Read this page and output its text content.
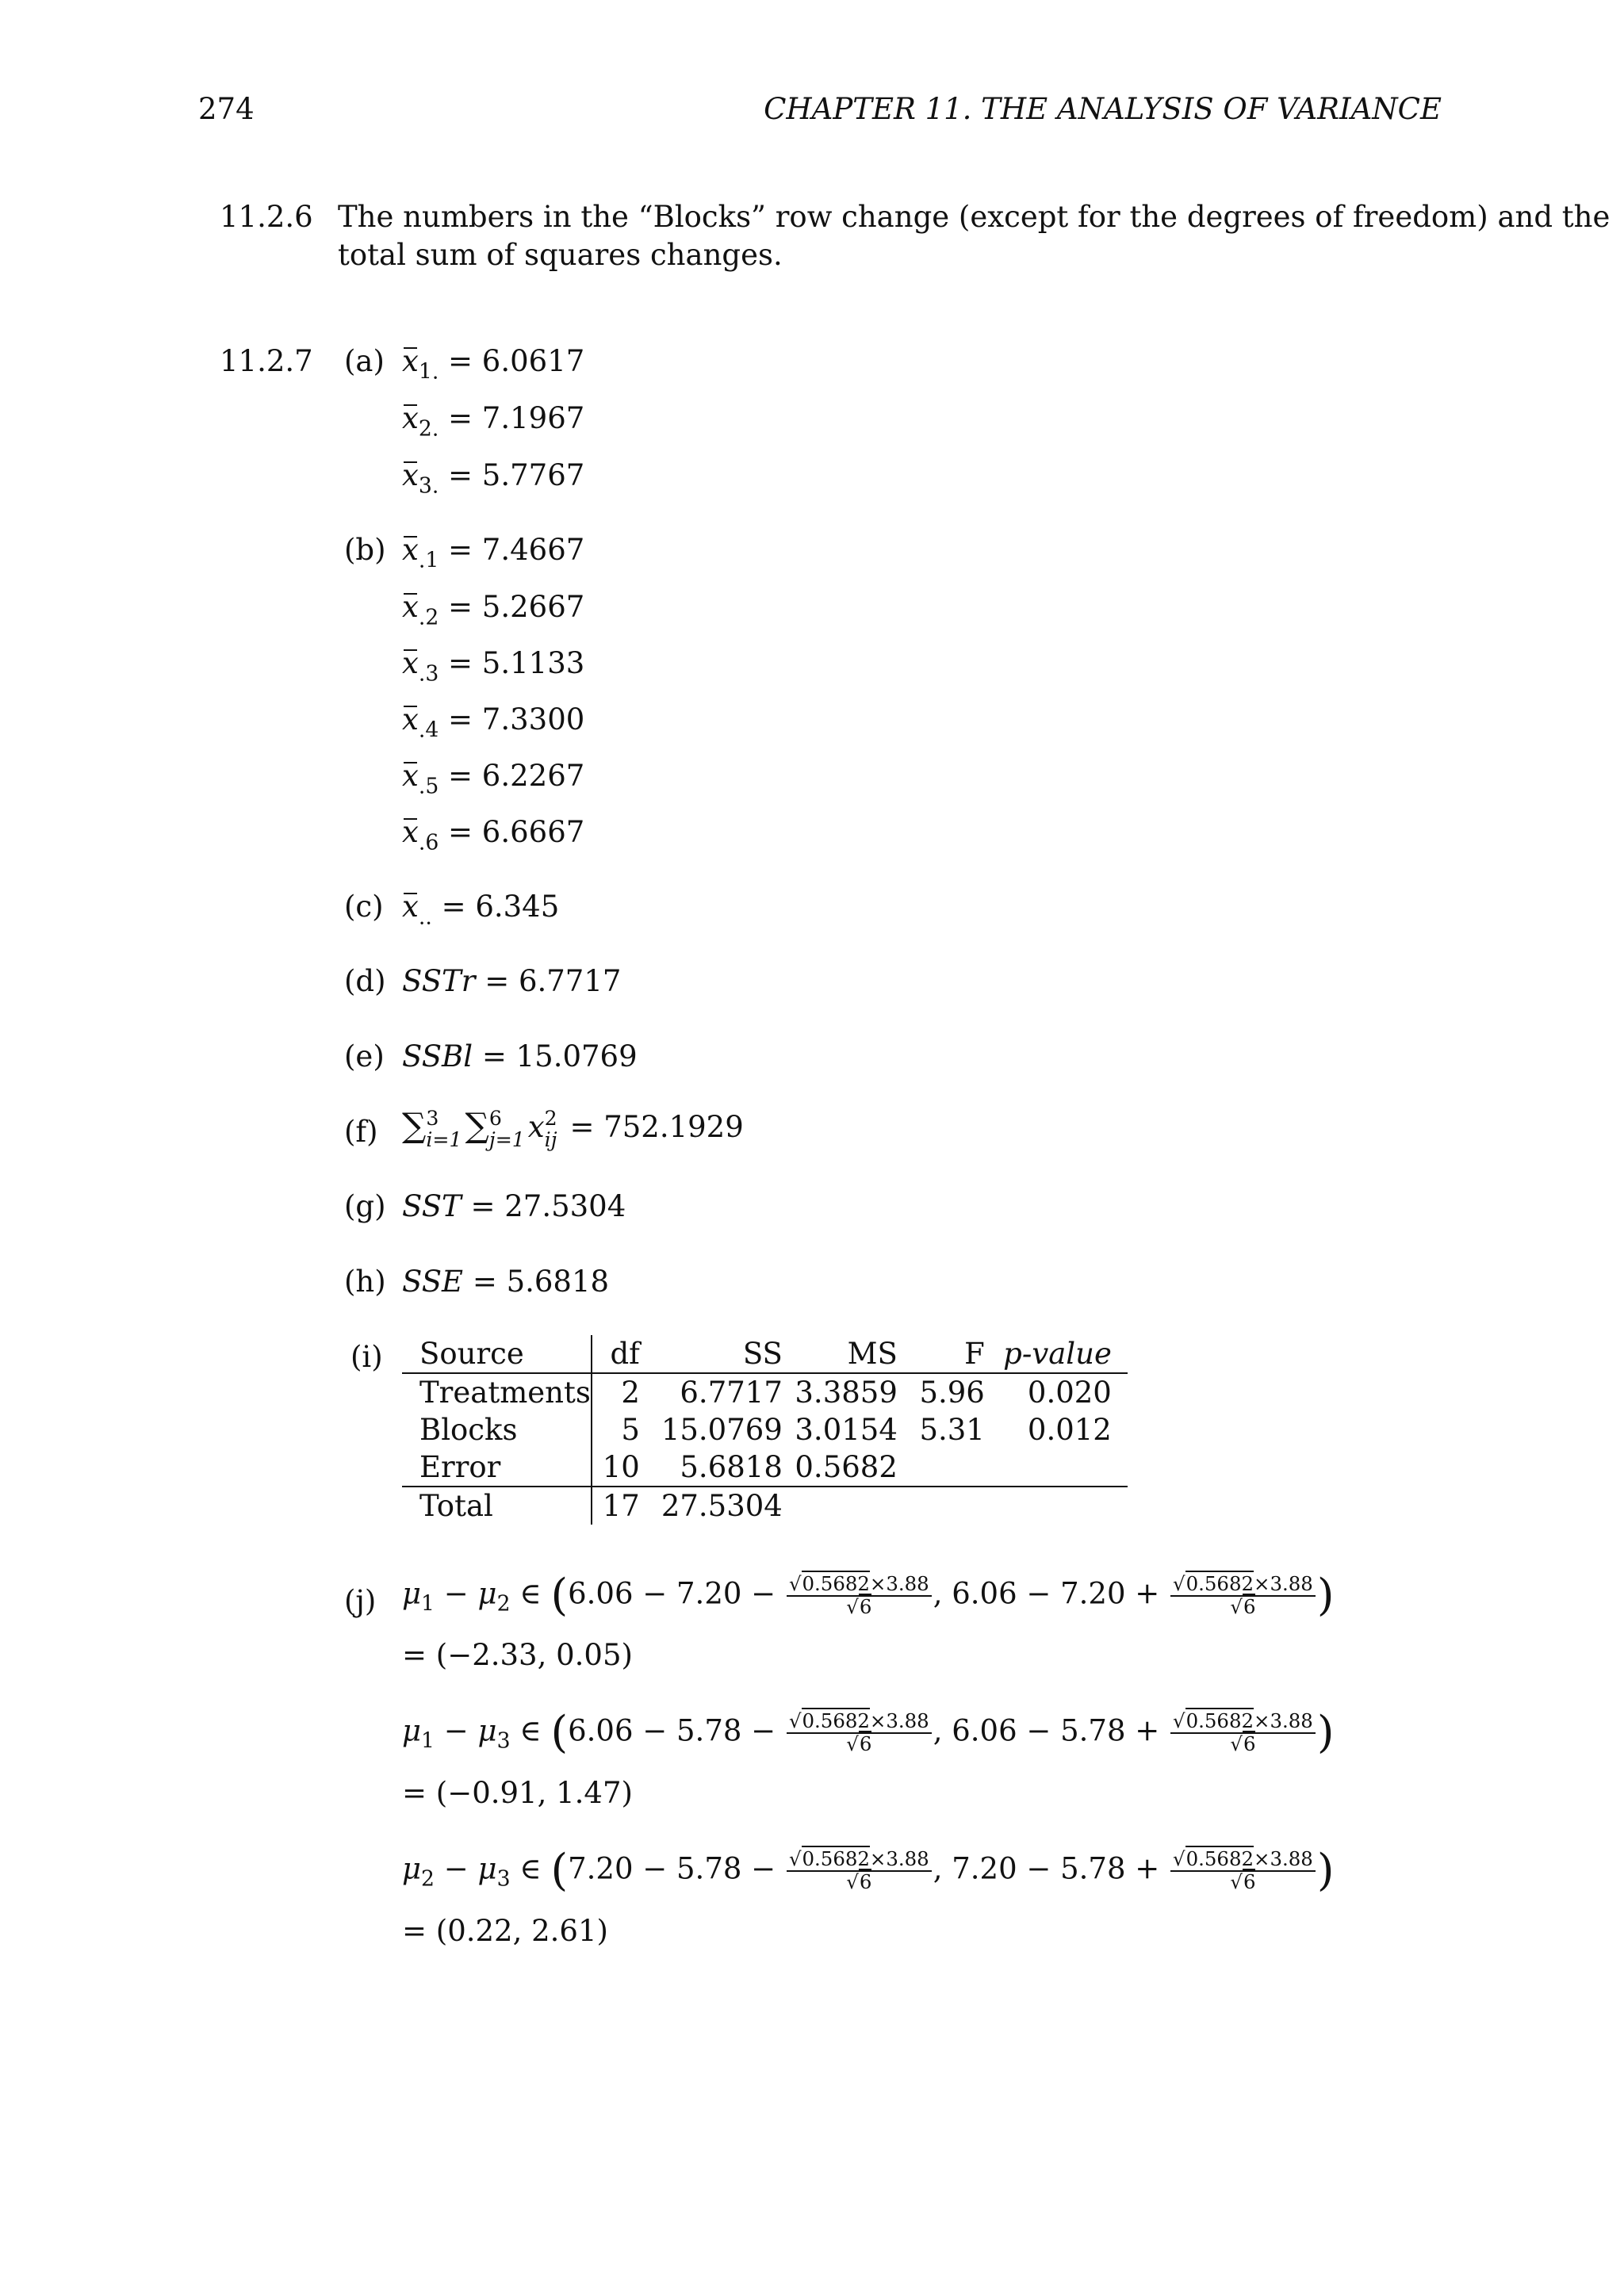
274	CHAPTER 11. THE ANALYSIS OF VARIANCE
11.2.6 The numbers in the “Blocks” row change (except for the degrees of freedom) and the
total sum of squares changes.
11.2.7 (a) $x_{1.} = 6.0617$
$x_{2.} = 7.1967$
$x_{3.} = 5.7767$
(b) $x_{.1} = 7.4667$
$x_{.2} = 5.2667$
$x_{.3} = 5.1133$
$x_{.4} = 7.3300$
$x_{.5} = 6.2267$
$x_{.6} = 6.6667$
(c) $x_{..} = 6.345$
(d) SSTr = 6.7717
(e) SSBl = 15.0769
(f) ∑ 3
i=1 ∑ 6
j=1 x 2
ij = 752.1929
(g) SST = 27.5304
(h) SSE = 5.6818
(i) Source	df	SS	MS	F	p-value
Treatments	2	6.7717	3.3859	5.96	0.020
Blocks	5	15.0769	3.0154	5.31	0.012
Error	10	5.6818	0.5682		
Total	17	27.5304			
(j) $\mu_1 - \mu_2$ ∈ ($6.06 - 7.20 - \frac{√0.5682\times 3.88}{√6}$ , $6.06 - 7.20 + \frac{√0.5682\times 3.88}{√6}$ )
= (−2.33, 0.05)
$\mu_1 - \mu_3$ ∈ ($6.06 - 5.78 - \frac{√0.5682\times 3.88}{√6}$ , $6.06 - 5.78 + \frac{√0.5682\times 3.88}{√6}$ )
= (−0.91, 1.47)
$\mu_2 - \mu_3$ ∈ ($7.20 - 5.78 - \frac{√0.5682\times 3.88}{√6}$ , $7.20 - 5.78 + \frac{√0.5682\times 3.88}{√6}$ )
= (0.22, 2.61)
